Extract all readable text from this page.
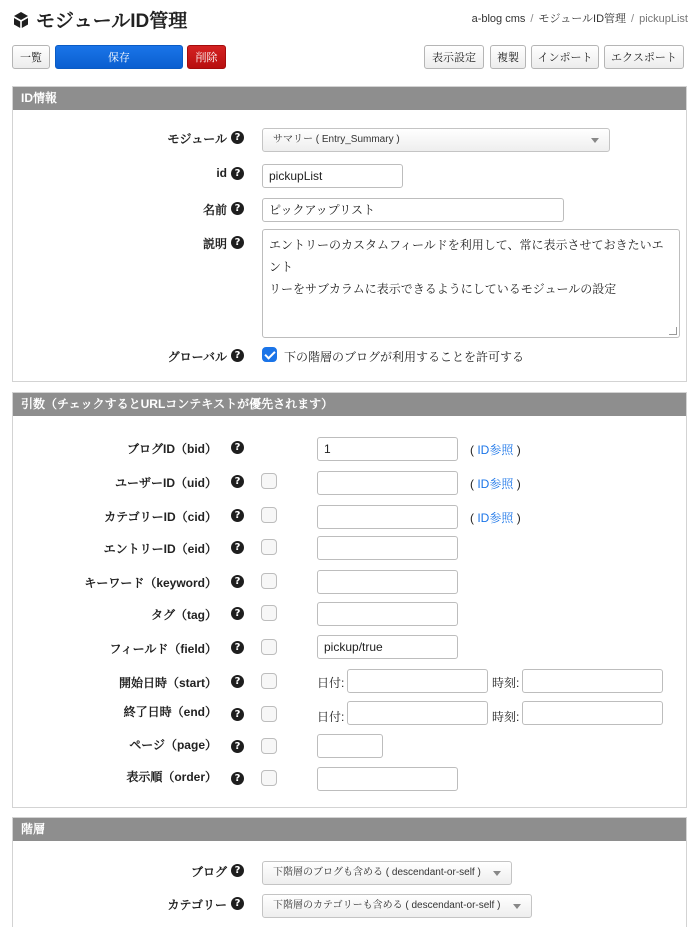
モジュールID管理	a-blog cms / モジュールID管理 / pickupList
一覧	保存	削除	表示設定	複製	インポート	エクスポート
ID情報
モジュール ?	サマリー ( Entry_Summary )
id ?	pickupList
名前 ?	ピックアップリスト
説明 ? エントリーのカスタムフィールドを利用して、常に表示させておきたいエント
リーをサブカラムに表示できるようにしているモジュールの設定
グローバル ?	下の階層のブログが利用することを許可する
引数（チェックするとURLコンテキストが優先されます）
ブログID（bid）	?	1	( ID参照 )
ユーザーID（uid）	?	( ID参照 )
カテゴリーID（cid）	?	( ID参照 )
エントリーID（eid）	?
キーワード（keyword）	?
タグ（tag）	?
フィールド（field）	?	pickup/true
開始日時（start）	?	日付:	時刻:
終了日時（end）	?	日付:	時刻:
ページ（page）	?
表示順（order）	?
階層
ブログ ?	下階層のブログも含める ( descendant-or-self )
カテゴリー ?	下階層のカテゴリーも含める ( descendant-or-self )
